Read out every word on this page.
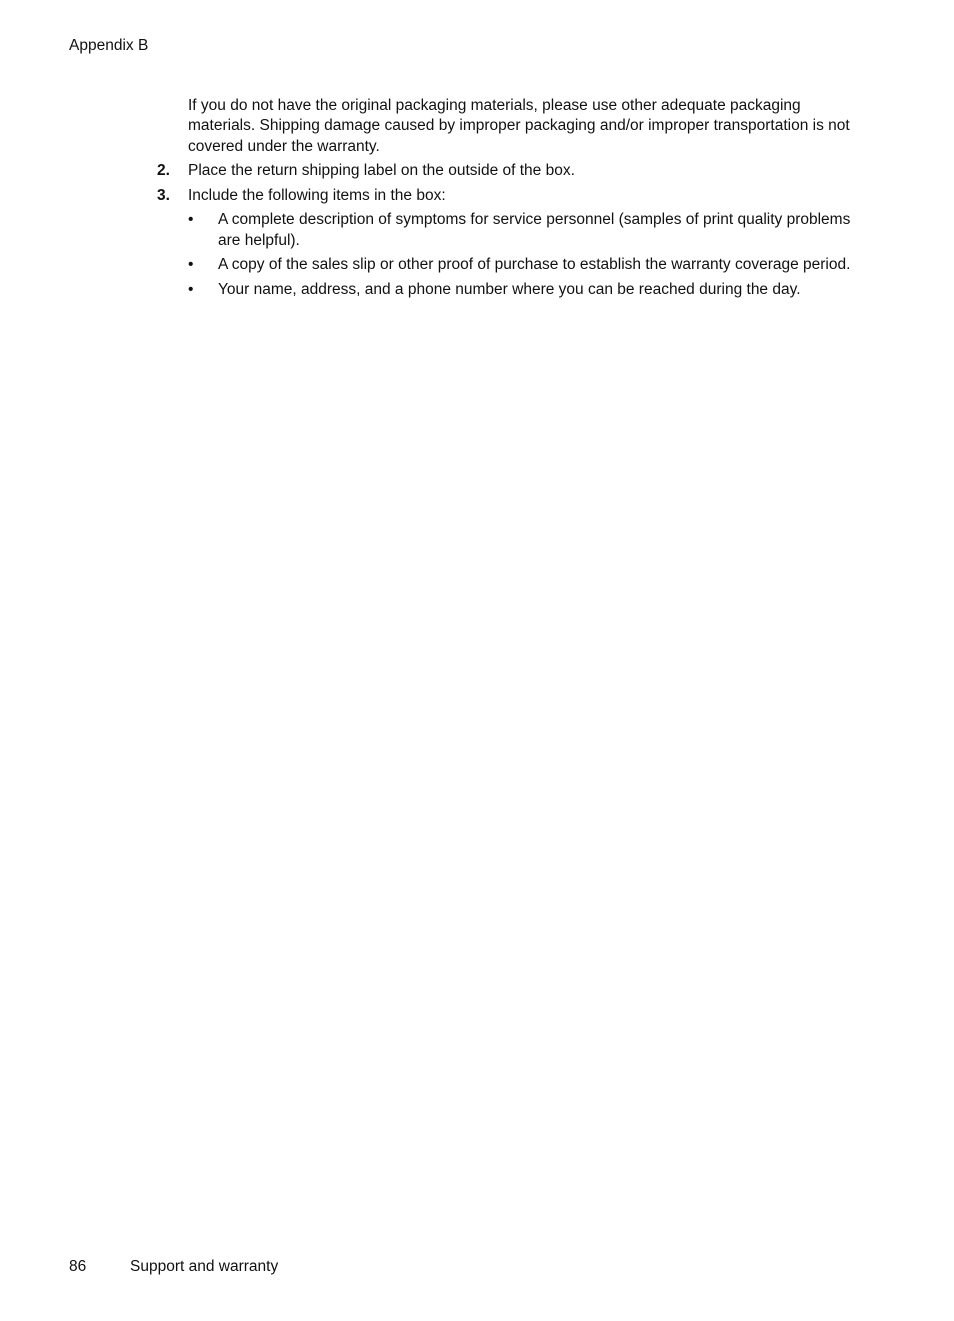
Appendix B

If you do not have the original packaging materials, please use other adequate packaging materials. Shipping damage caused by improper packaging and/or improper transportation is not covered under the warranty.

2. Place the return shipping label on the outside of the box.
3. Include the following items in the box:
• A complete description of symptoms for service personnel (samples of print quality problems are helpful).
• A copy of the sales slip or other proof of purchase to establish the warranty coverage period.
• Your name, address, and a phone number where you can be reached during the day.
86	Support and warranty
